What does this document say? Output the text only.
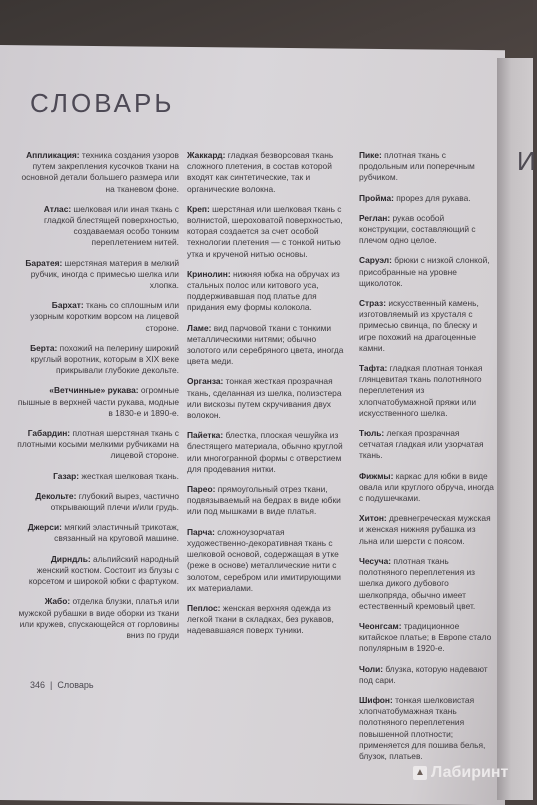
И
СЛОВАРЬ

Аппликация: техника создания узоров путем закрепления кусочков ткани на основной детали большего размера или на тканевом фоне.

Атлас: шелковая или иная ткань с гладкой блестящей поверхностью, создаваемая особо тонким переплетением нитей.

Баратея: шерстяная материя в мелкий рубчик, иногда с примесью шелка или хлопка.

Бархат: ткань со сплошным или узорным коротким ворсом на лицевой стороне.

Берта: похожий на пелерину широкий круглый воротник, которым в XIX веке прикрывали глубокие декольте.

«Ветчинные» рукава: огромные пышные в верхней части рукава, модные в 1830-е и 1890-е.

Габардин: плотная шерстяная ткань с плотными косыми мелкими рубчиками на лицевой стороне.

Газар: жесткая шелковая ткань.

Декольте: глубокий вырез, частично открывающий плечи и/или грудь.

Джерси: мягкий эластичный трикотаж, связанный на круговой машине.

Дирндль: альпийский народный женский костюм. Состоит из блузы с корсетом и широкой юбки с фартуком.

Жабо: отделка блузки, платья или мужской рубашки в виде оборки из ткани или кружев, спускающейся от горловины вниз по груди

Жаккард: гладкая безворсовая ткань сложного плетения, в состав которой входят как синтетические, так и органические волокна.

Креп: шерстяная или шелковая ткань с волнистой, шероховатой поверхностью, которая создается за счет особой технологии плетения — с тонкой нитью утка и крученой нитью основы.

Кринолин: нижняя юбка на обручах из стальных полос или китового уса, поддерживавшая под платье для придания ему формы колокола.

Ламе: вид парчовой ткани с тонкими металлическими нитями; обычно золотого или серебряного цвета, иногда цвета меди.

Органза: тонкая жесткая прозрачная ткань, сделанная из шелка, полиэстера или вискозы путем скручивания двух волокон.

Пайетка: блестка, плоская чешуйка из блестящего материала, обычно круглой или многогранной формы с отверстием для продевания нитки.

Парео: прямоугольный отрез ткани, подвязываемый на бедрах в виде юбки или под мышками в виде платья.

Парча: сложноузорчатая художественно-декоративная ткань с шелковой основой, содержащая в утке (реже в основе) металлические нити с золотом, серебром или имитирующими их материалами.

Пеплос: женская верхняя одежда из легкой ткани в складках, без рукавов, надевавшаяся поверх туники.

Пике: плотная ткань с продольным или поперечным рубчиком.

Пройма: прорез для рукава.

Реглан: рукав особой конструкции, составляющий с плечом одно целое.

Саруэл: брюки с низкой слонкой, присобранные на уровне щиколоток.

Страз: искусственный камень, изготовляемый из хрусталя с примесью свинца, по блеску и игре похожий на драгоценные камни.

Тафта: гладкая плотная тонкая глянцевитая ткань полотняного переплетения из хлопчатобумажной пряжи или искусственного шелка.

Тюль: легкая прозрачная сетчатая гладкая или узорчатая ткань.

Фижмы: каркас для юбки в виде овала или круглого обруча, иногда с подушечками.

Хитон: древнегреческая мужская и женская нижняя рубашка из льна или шерсти с поясом.

Чесуча: плотная ткань полотняного переплетения из шелка дикого дубового шелкопряда, обычно имеет естественный кремовый цвет.

Чеонгсам: традиционное китайское платье; в Европе стало популярным в 1920-е.

Чоли: блузка, которую надевают под сари.

Шифон: тонкая шелковистая хлопчатобумажная ткань полотняного переплетения повышенной плотности; применяется для пошива белья, блузок, платьев.

346 | Словарь
▲ Лабиринт
